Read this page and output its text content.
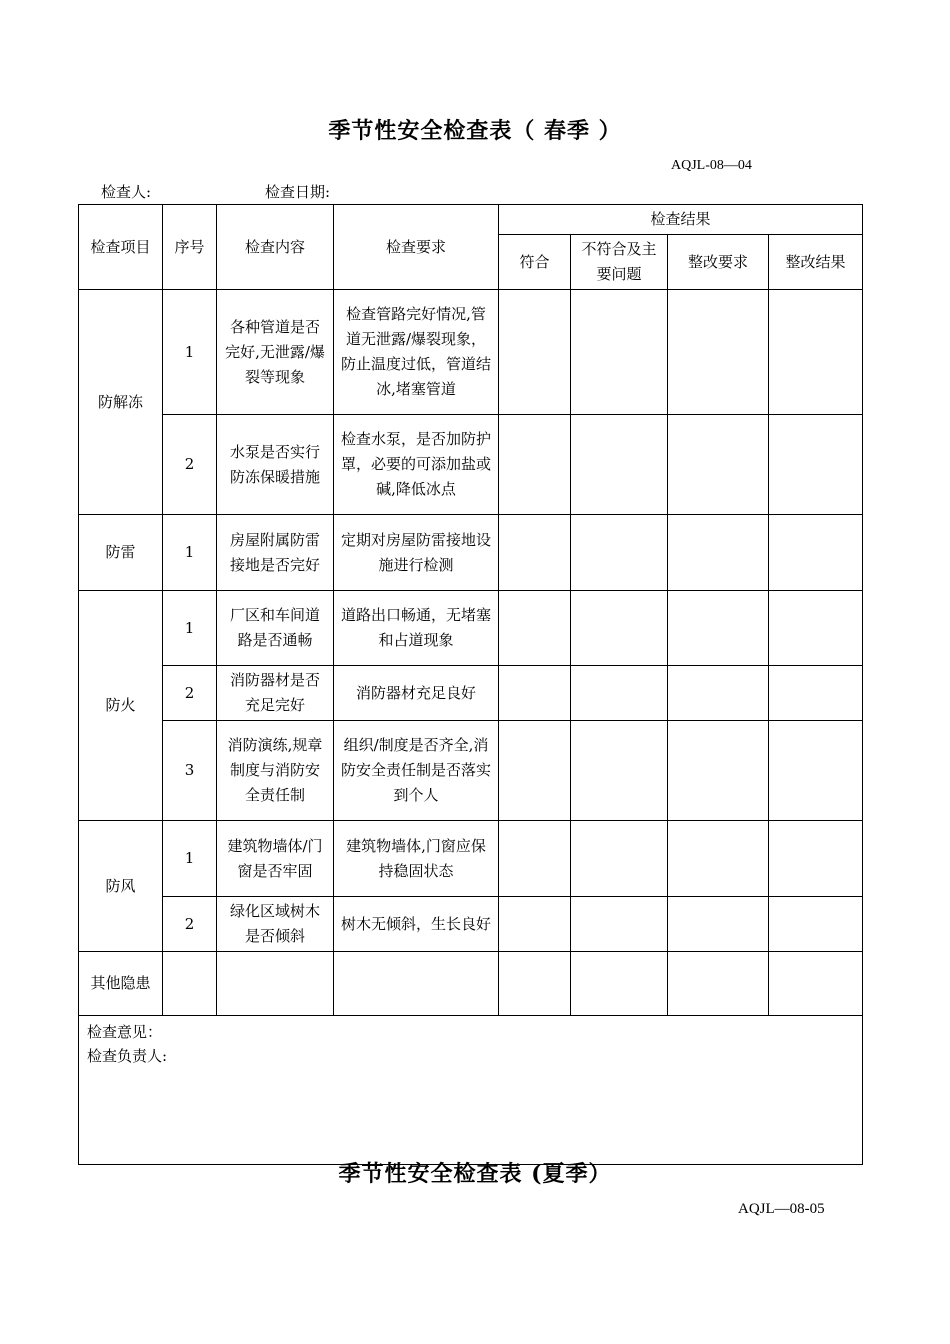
季节性安全检查表（ 春季 ）
AQJL-08—04
检查人:	检查日期:
检查项目	序号	检查内容	检查要求	检查结果			
				符合	不符合及主要问题	整改要求	整改结果
防解冻	1	各种管道是否完好,无泄露/爆裂等现象	检查管路完好情况,管道无泄露/爆裂现象，防止温度过低，管道结冰,堵塞管道				
	2	水泵是否实行防冻保暖措施	检查水泵，是否加防护罩，必要的可添加盐或碱,降低冰点				
防雷	1	房屋附属防雷接地是否完好	定期对房屋防雷接地设施进行检测				
防火	1	厂区和车间道路是否通畅	道路出口畅通，无堵塞和占道现象				
	2	消防器材是否充足完好	消防器材充足良好				
	3	消防演练,规章制度与消防安全责任制	组织/制度是否齐全,消防安全责任制是否落实到个人				
防风	1	建筑物墙体/门窗是否牢固	建筑物墙体,门窗应保持稳固状态				
	2	绿化区域树木是否倾斜	树木无倾斜，生长良好				
其他隐患							

检查意见：
检查负责人:							
季节性安全检查表 (夏季）
AQJL—08-05
